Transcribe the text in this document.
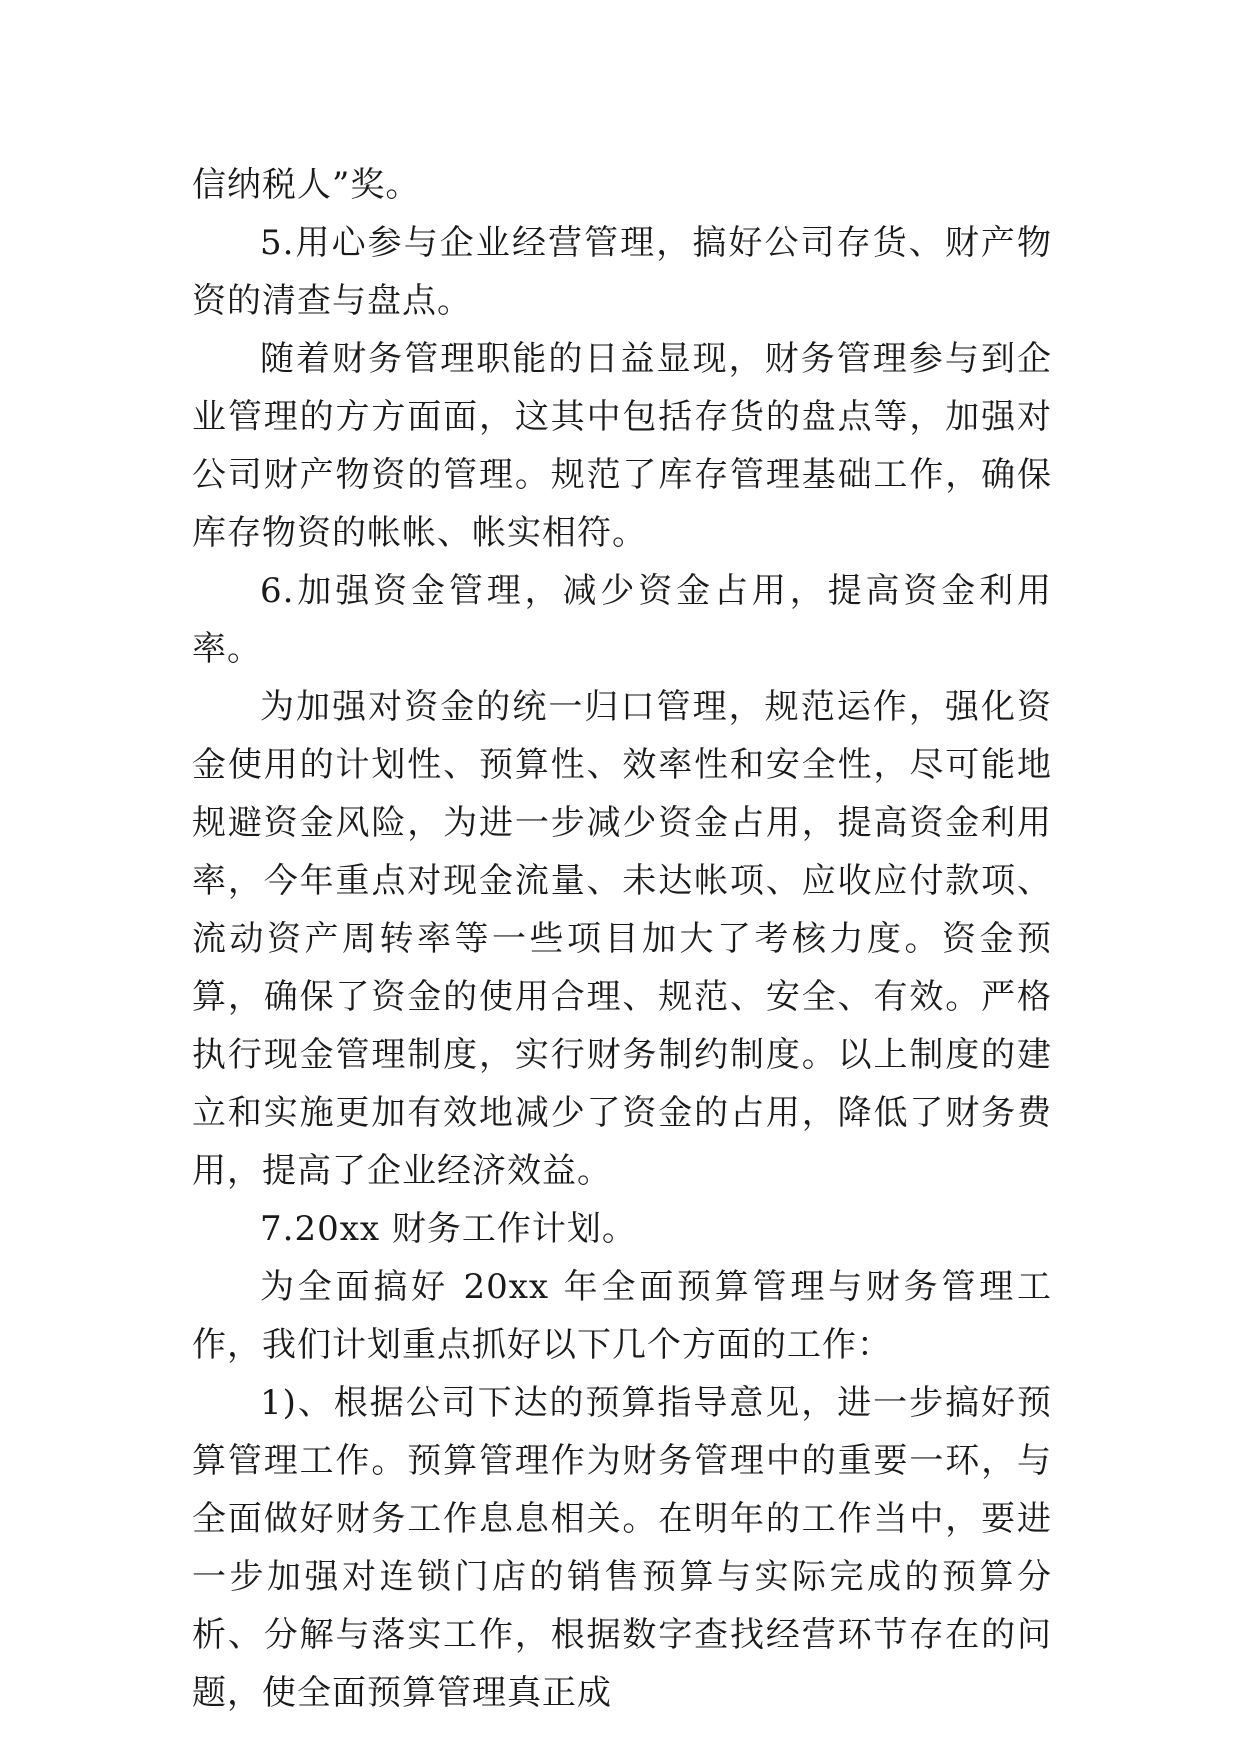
信纳税人”奖。

5.用心参与企业经营管理，搞好公司存货、财产物资的清查与盘点。

随着财务管理职能的日益显现，财务管理参与到企业管理的方方面面，这其中包括存货的盘点等，加强对公司财产物资的管理。规范了库存管理基础工作，确保库存物资的帐帐、帐实相符。

6.加强资金管理，减少资金占用，提高资金利用率。

为加强对资金的统一归口管理，规范运作，强化资金使用的计划性、预算性、效率性和安全性，尽可能地规避资金风险，为进一步减少资金占用，提高资金利用率，今年重点对现金流量、未达帐项、应收应付款项、流动资产周转率等一些项目加大了考核力度。资金预算，确保了资金的使用合理、规范、安全、有效。严格执行现金管理制度，实行财务制约制度。以上制度的建立和实施更加有效地减少了资金的占用，降低了财务费用，提高了企业经济效益。

7.20xx 财务工作计划。

为全面搞好 20xx 年全面预算管理与财务管理工作，我们计划重点抓好以下几个方面的工作：

1)、根据公司下达的预算指导意见，进一步搞好预算管理工作。预算管理作为财务管理中的重要一环，与全面做好财务工作息息相关。在明年的工作当中，要进一步加强对连锁门店的销售预算与实际完成的预算分析、分解与落实工作，根据数字查找经营环节存在的问题，使全面预算管理真正成
